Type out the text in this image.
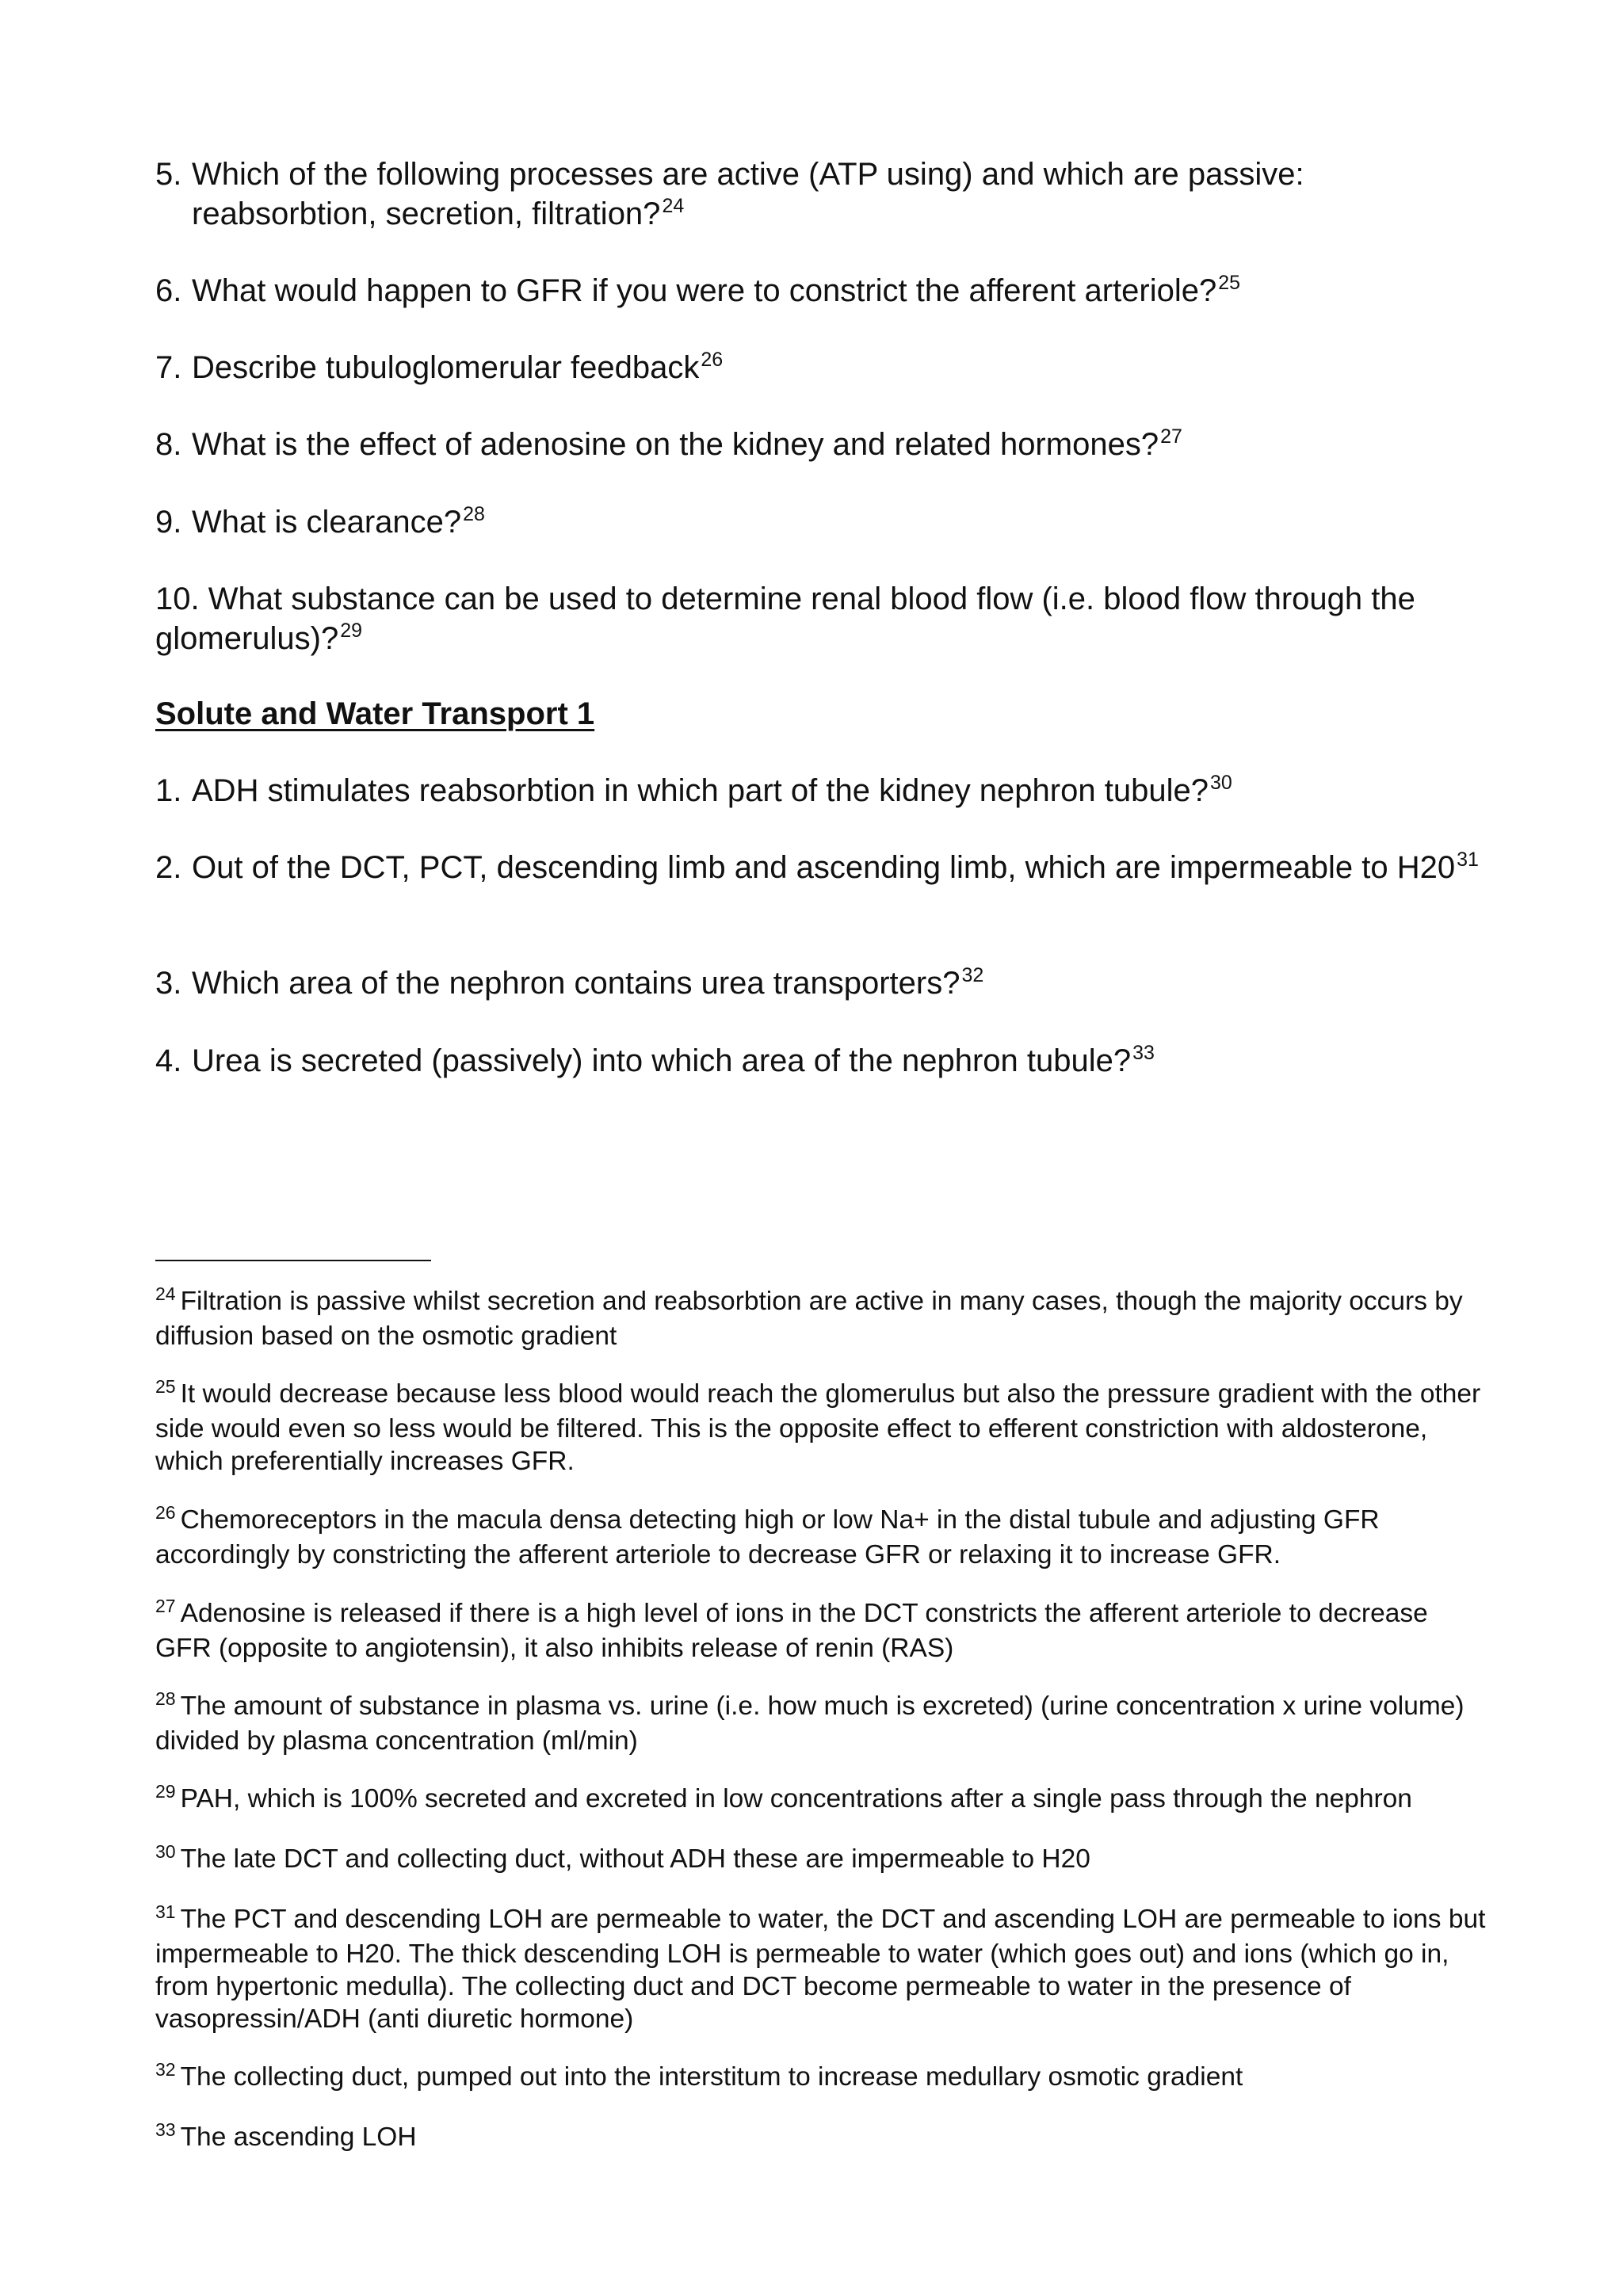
5. Which of the following processes are active (ATP using) and which are passive: reabsorbtion, secretion, filtration?$^{24}$
6. What would happen to GFR if you were to constrict the afferent arteriole?$^{25}$
7. Describe tubuloglomerular feedback$^{26}$
8. What is the effect of adenosine on the kidney and related hormones?$^{27}$
9. What is clearance?$^{28}$
10. What substance can be used to determine renal blood flow (i.e. blood flow through the glomerulus)?$^{29}$
Solute and Water Transport 1
1. ADH stimulates reabsorbtion in which part of the kidney nephron tubule?$^{30}$
2. Out of the DCT, PCT, descending limb and ascending limb, which are impermeable to $H20^{31}$
3. Which area of the nephron contains urea transporters?$^{32}$
4. Urea is secreted (passively) into which area of the nephron tubule?$^{33}$
$^{24}$ Filtration is passive whilst secretion and reabsorbtion are active in many cases, though the majority occurs by diffusion based on the osmotic gradient
$^{25}$ It would decrease because less blood would reach the glomerulus but also the pressure gradient with the other side would even so less would be filtered. This is the opposite effect to efferent constriction with aldosterone, which preferentially increases GFR.
$^{26}$ Chemoreceptors in the macula densa detecting high or low Na+ in the distal tubule and adjusting GFR accordingly by constricting the afferent arteriole to decrease GFR or relaxing it to increase GFR.
$^{27}$ Adenosine is released if there is a high level of ions in the DCT constricts the afferent arteriole to decrease GFR (opposite to angiotensin), it also inhibits release of renin (RAS)
$^{28}$ The amount of substance in plasma vs. urine (i.e. how much is excreted) (urine concentration x urine volume) divided by plasma concentration (ml/min)
$^{29}$ PAH, which is 100% secreted and excreted in low concentrations after a single pass through the nephron
$^{30}$ The late DCT and collecting duct, without ADH these are impermeable to H20
$^{31}$ The PCT and descending LOH are permeable to water, the DCT and ascending LOH are permeable to ions but impermeable to H20. The thick descending LOH is permeable to water (which goes out) and ions (which go in, from hypertonic medulla). The collecting duct and DCT become permeable to water in the presence of vasopressin/ADH (anti diuretic hormone)
$^{32}$ The collecting duct, pumped out into the interstitum to increase medullary osmotic gradient
$^{33}$ The ascending LOH
